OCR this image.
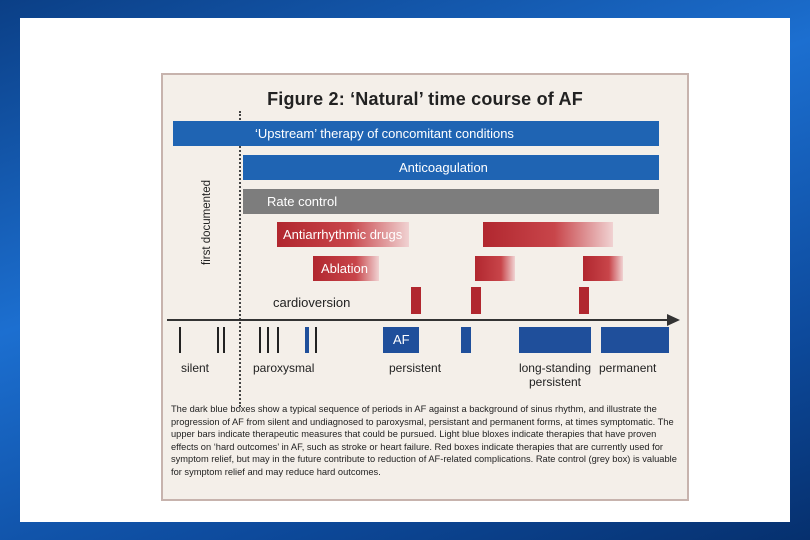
Figure 2: ‘Natural’ time course of AF
first documented
‘Upstream’ therapy of concomitant conditions
Anticoagulation
Rate control
Antiarrhythmic drugs
Ablation
cardioversion
AF
silent	paroxysmal	persistent	long-standing
persistent
permanent
The dark blue boxes show a typical sequence of periods in AF against a background of sinus rhythm, and illustrate the progression of AF from silent and undiagnosed to paroxysmal, persistant and permanent forms, at times symptomatic. The upper bars indicate therapeutic measures that could be pursued. Light blue bloxes indicate therapies that have proven effects on ‘hard outcomes’ in AF, such as stroke or heart failure. Red boxes indicate therapies that are currently used for symptom relief, but may in the future contribute to reduction of AF-related complications. Rate control (grey box) is valuable for symptom relief and may reduce hard outcomes.
